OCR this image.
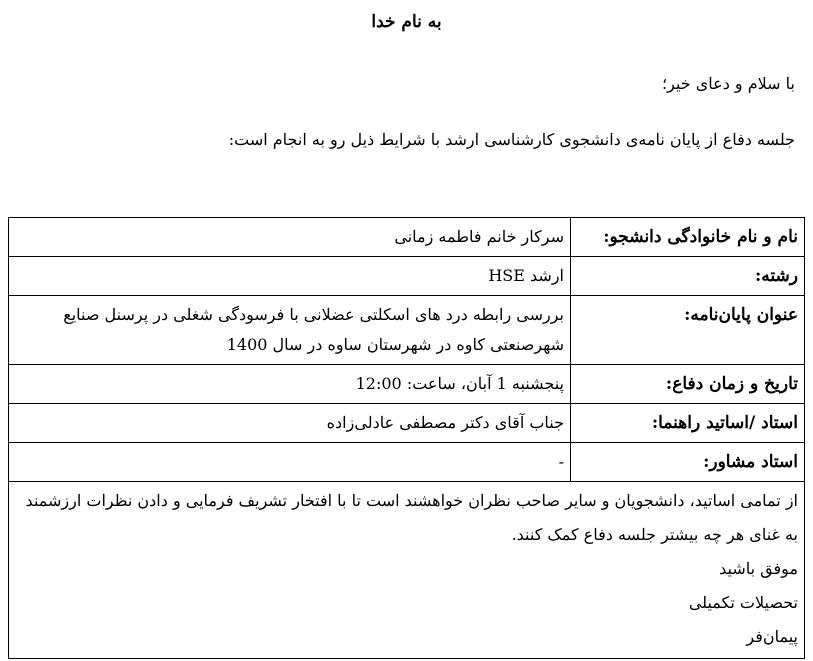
به نام خدا
با سلام و دعای خیر؛
جلسه دفاع از پایان نامه‌ی دانشجوی کارشناسی ارشد با شرایط ذیل رو به انجام است:
نام و نام خانوادگی دانشجو:	سرکار خانم فاطمه زمانی
رشته:	ارشد HSE
عنوان پایان‌نامه:	بررسی رابطه درد های اسکلتی عضلانی با فرسودگی شغلی در پرسنل صنایع شهرصنعتی کاوه در شهرستان ساوه در سال 1400
تاریخ و زمان دفاع:	پنجشنبه 1 آبان، ساعت: 12:00
استاد /اساتید راهنما:	جناب آقای دکتر مصطفی عادلی‌زاده
استاد مشاور:	-

از تمامی اساتید، دانشجویان و سایر صاحب نظران خواهشند است تا با افتخار تشریف فرمایی و دادن نظرات ارزشمند به غنای هر چه بیشتر جلسه دفاع کمک کنند.

موفق باشید

تحصیلات تکمیلی

پیمان‌فر	
